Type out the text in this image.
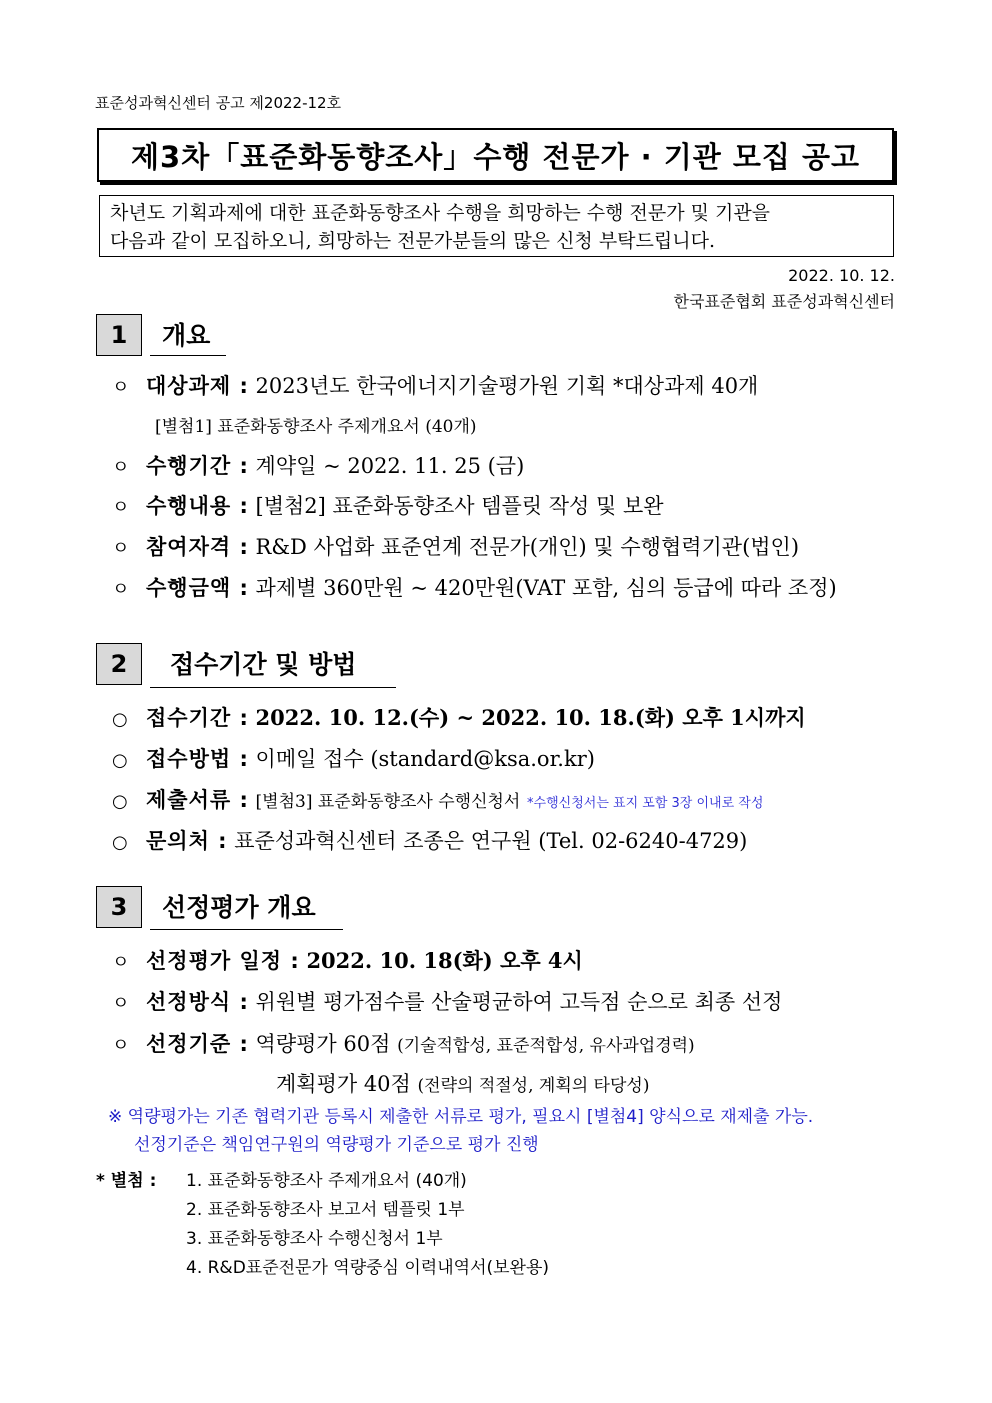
표준성과혁신센터 공고 제2022-12호
제3차「표준화동향조사」수행 전문가 · 기관 모집 공고
차년도 기획과제에 대한 표준화동향조사 수행을 희망하는 수행 전문가 및 기관을
다음과 같이 모집하오니, 희망하는 전문가분들의 많은 신청 부탁드립니다.
2022. 10. 12.
한국표준협회 표준성과혁신센터
1	개요
ㅇ 대상과제 : 2023년도 한국에너지기술평가원 기획 *대상과제 40개
[별첨1] 표준화동향조사 주제개요서 (40개)
ㅇ 수행기간 : 계약일 ~ 2022. 11. 25 (금)
ㅇ 수행내용 : [별첨2] 표준화동향조사 템플릿 작성 및 보완
ㅇ 참여자격 : R&D 사업화 표준연계 전문가(개인) 및 수행협력기관(법인)
ㅇ 수행금액 : 과제별 360만원 ~ 420만원(VAT 포함, 심의 등급에 따라 조정)
2	접수기간 및 방법
○ 접수기간 : 2022. 10. 12.(수) ~ 2022. 10. 18.(화) 오후 1시까지
○ 접수방법 : 이메일 접수 (standard@ksa.or.kr)
○ 제출서류 : [별첨3] 표준화동향조사 수행신청서 *수행신청서는 표지 포함 3장 이내로 작성
○ 문의처 : 표준성과혁신센터 조종은 연구원 (Tel. 02-6240-4729)
3	선정평가 개요
ㅇ 선정평가 일정 : 2022. 10. 18(화) 오후 4시
ㅇ 선정방식 : 위원별 평가점수를 산술평균하여 고득점 순으로 최종 선정
ㅇ 선정기준 : 역량평가 60점 (기술적합성, 표준적합성, 유사과업경력)
계획평가 40점 (전략의 적절성, 계획의 타당성)
※ 역량평가는 기존 협력기관 등록시 제출한 서류로 평가, 필요시 [별첨4] 양식으로 재제출 가능.
선정기준은 책임연구원의 역량평가 기준으로 평가 진행
* 별첨 : 1. 표준화동향조사 주제개요서 (40개)
2. 표준화동향조사 보고서 템플릿 1부
3. 표준화동향조사 수행신청서 1부
4. R&D표준전문가 역량중심 이력내역서(보완용)
